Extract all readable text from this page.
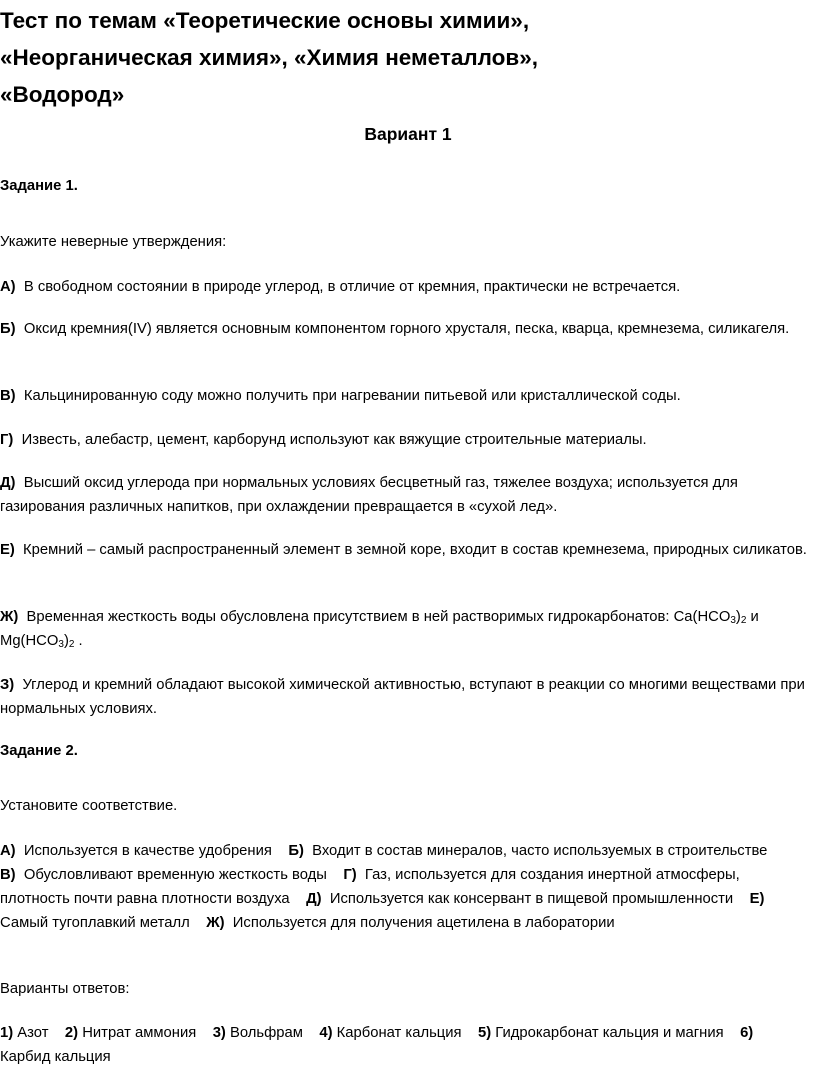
Тест по темам «Теоретические основы химии»,
«Неорганическая химия», «Химия неметаллов»,
«Водород»

Вариант 1

Задание 1.

Укажите неверные утверждения:

А) В свободном состоянии в природе углерод, в отличие от кремния, практически не встречается.

Б) Оксид кремния(IV) является основным компонентом горного хрусталя, песка, кварца, кремнезема, силикагеля.

В) Кальцинированную соду можно получить при нагревании питьевой или кристаллической соды.

Г) Известь, алебастр, цемент, карборунд используют как вяжущие строительные материалы.

Д) Высший оксид углерода при нормальных условиях бесцветный газ, тяжелее воздуха; используется для газирования различных напитков, при охлаждении превращается в «сухой лед».

Е) Кремний – самый распространенный элемент в земной коре, входит в состав кремнезема, природных силикатов.

Ж) Временная жесткость воды обусловлена присутствием в ней растворимых гидрокарбонатов: $Ca(HCO_3)_2$ и $Mg(HCO_3)_2$ .

З) Углерод и кремний обладают высокой химической активностью, вступают в реакции со многими веществами при нормальных условиях.

Задание 2.

Установите соответствие.

А) Используется в качестве удобрения Б) Входит в состав минералов, часто используемых в строительстве    В) Обусловливают временную жесткость воды Г) Газ, используется для создания инертной атмосферы, плотность почти равна плотности воздуха Д) Используется как консервант в пищевой промышленности Е)  Самый тугоплавкий металл Ж) Используется для получения ацетилена в лаборатории

Варианты ответов:

1) Азот 2) Нитрат аммония 3) Вольфрам 4) Карбонат кальция 5) Гидрокарбонат кальция и магния 6) Карбид кальция
